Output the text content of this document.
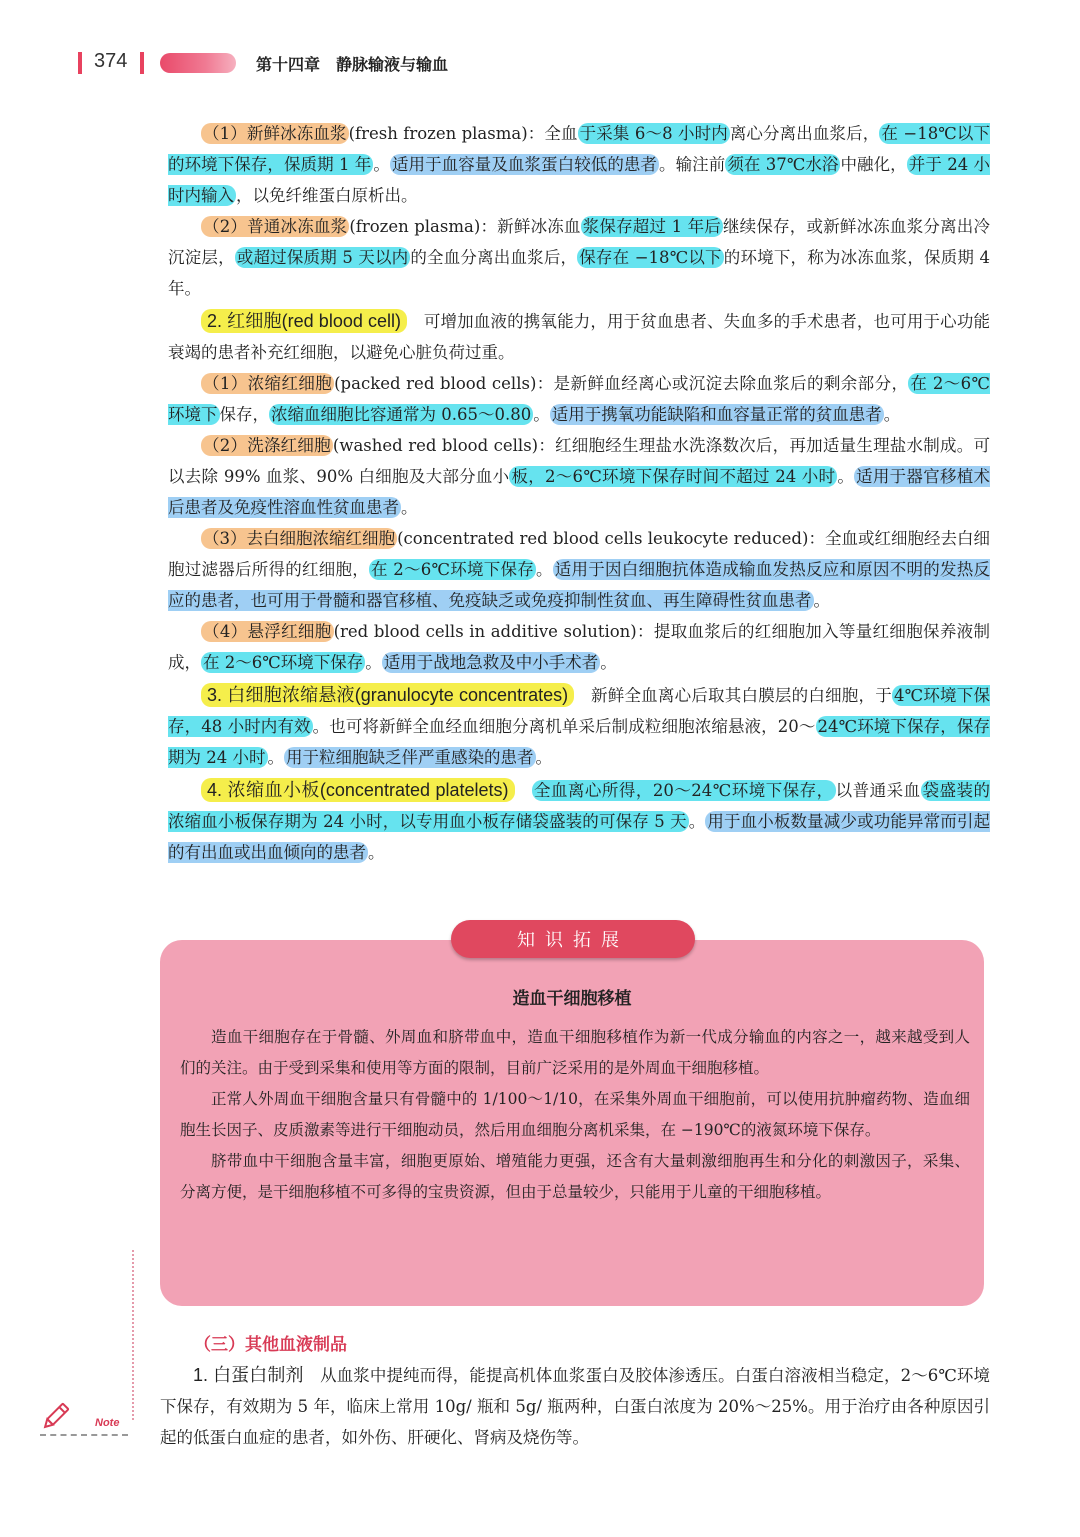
374	第十四章　静脉输液与输血

（1）新鲜冰冻血浆 (fresh frozen plasma)：全血 于采集 6～8 小时内 离心分离出血浆后， 在 −18℃以下的环境下保存，保质期 1 年 。 适用于血容量及血浆蛋白较低的患者 。输注前 须在 37℃水浴 中融化， 并于 24 小时内输入 ，以免纤维蛋白原析出。

（2）普通冰冻血浆 (frozen plasma)：新鲜冰冻血 浆保存超过 1 年后 继续保存，或新鲜冰冻血浆分离出冷沉淀层， 或超过保质期 5 天以内 的全血分离出血浆后， 保存在 −18℃以下 的环境下，称为冰冻血浆，保质期 4 年。

2. 红细胞(red blood cell)　可增加血液的携氧能力，用于贫血患者、失血多的手术患者，也可用于心功能衰竭的患者补充红细胞，以避免心脏负荷过重。

（1）浓缩红细胞 (packed red blood cells)：是新鲜血经离心或沉淀去除血浆后的剩余部分， 在 2～6℃环境下 保存， 浓缩血细胞比容通常为 0.65～0.80 。 适用于携氧功能缺陷和血容量正常的贫血患者 。

（2）洗涤红细胞 (washed red blood cells)：红细胞经生理盐水洗涤数次后，再加适量生理盐水制成。可以去除 99% 血浆、90% 白细胞及大部分血小 板，2～6℃环境下保存时间不超过 24 小时 。 适用于器官移植术后患者及免疫性溶血性贫血患者 。

（3）去白细胞浓缩红细胞 (concentrated red blood cells leukocyte reduced)：全血或红细胞经去白细胞过滤器后所得的红细胞， 在 2～6℃环境下保存 。 适用于因白细胞抗体造成输血发热反应和原因不明的发热反应的患者，也可用于骨髓和器官移植、免疫缺乏或免疫抑制性贫血、再生障碍性贫血患者 。

（4）悬浮红细胞 (red blood cells in additive solution)：提取血浆后的红细胞加入等量红细胞保养液制成， 在 2～6℃环境下保存 。 适用于战地急救及中小手术者 。

3. 白细胞浓缩悬液(granulocyte concentrates)　新鲜全血离心后取其白膜层的白细胞，于 4℃环境下保存，48 小时内有效 。也可将新鲜全血经血细胞分离机单采后制成粒细胞浓缩悬液，20～ 24℃环境下保存，保存期为 24 小时 。 用于粒细胞缺乏伴严重感染的患者 。

4. 浓缩血小板(concentrated platelets)　 全血离心所得，20～24℃环境下保存， 以普通采血 袋盛装的浓缩血小板保存期为 24 小时，以专用血小板存储袋盛装的可保存 5 天 。 用于血小板数量减少或功能异常而引起的有出血或出血倾向的患者 。

知识拓展
造血干细胞移植

造血干细胞存在于骨髓、外周血和脐带血中，造血干细胞移植作为新一代成分输血的内容之一，越来越受到人们的关注。由于受到采集和使用等方面的限制，目前广泛采用的是外周血干细胞移植。

正常人外周血干细胞含量只有骨髓中的 1/100～1/10，在采集外周血干细胞前，可以使用抗肿瘤药物、造血细胞生长因子、皮质激素等进行干细胞动员，然后用血细胞分离机采集，在 −190℃的液氮环境下保存。

脐带血中干细胞含量丰富，细胞更原始、增殖能力更强，还含有大量刺激细胞再生和分化的刺激因子，采集、分离方便，是干细胞移植不可多得的宝贵资源，但由于总量较少，只能用于儿童的干细胞移植。

（三）其他血液制品

1. 白蛋白制剂　从血浆中提纯而得，能提高机体血浆蛋白及胶体渗透压。白蛋白溶液相当稳定，2～6℃环境下保存，有效期为 5 年，临床上常用 10g/ 瓶和 5g/ 瓶两种，白蛋白浓度为 20%～25%。用于治疗由各种原因引起的低蛋白血症的患者，如外伤、肝硬化、肾病及烧伤等。

Note
